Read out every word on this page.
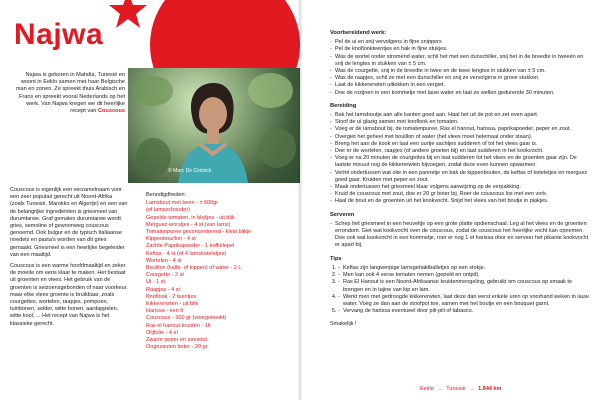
Najwa
Najwa is geboren in Mahdia, Tunesië en woont in Eeklo samen met haar Belgische man en zonen. Ze spreekt thuis Arabisch en Frans en spreekt vooral Nederlands op het werk. Van Najwa kregen we dit heerlijke recept van Couscous
© Marc De Coninck

Couscous is eigenlijk een verzamelnaam voor een zeer populair gerecht uit Noord-Afrika (zoals Tunesië, Marokko en Algerije) en een van de belangrijke ingrediënten is griesmeel van durumtarwe. Graf gemalen durumtarwe wordt gries, semoline of gewoonweg couscous genoemd. Ook bulgur en de typisch Italiaanse noedels en pasta's worden van dit gries gemaakt. Griesmeel is een heerlijke begeleider van een maaltijd.

Couscous is een warme hoofdmaaltijd en zeker de moeite om eens klaar te maken. Het bestaat uit groenten en vlees. Het gebruik van de groenten is seizoensgebonden of naar voorkeur, maar elke vlees groente is bruikbaar, zoals courgettes, wortelen, raapjes, pompoen, tuinbonen, selder, witte bonen, aardappelen, witte kool, ... Het recept van Najwa is het klassieke gerecht.

Benodigdheden:
Lamsbout met been - ± 600gr
(of lamsschouder)
Gepelde tomaten, in blokjes - uit blik
Merguez-worstjes - 4 st (van lams)
Tomatenpuree geconcentreerd - klein blikje
Kippenbouillon - 4 st
Zachte Paprikapoeder - 1 koffielepel
Keftas - 4 st (of 4 lamskoteletjes)
Wortelen - 4 st
Bouillon (kalfs- of kippen) of water - 2 L
Courgette - 2 st
Ui - 1 st
Raapjes - 4 st
Knoflook - 2 teentjes
Kikkererwten - uit blik
Harissa - een tl
Couscous - 300 gr (voorgekookt)
Ras el hanout-kruiden - 1tl
Olijfolie - 4 el
Zwarte peper en zeezout
Ongezouten boter - 20 gr
Voorbereidend werk:
- Pel de ui en snij vervolgens in fijne snippers
- Pel de knoflookteentjes en hak in fijne stukjes.
- Was de wortel onder stromend water, schil het met een dunschiller, snij het in de breedte in tweeën en snij de lengtes in stukken van ± 5 cm.
- Was de courgette, snij in de breedte in twee en de twee lengtes in stukken van ± 5 cm.
- Was de raapjes, schil ze met een dunschiller en snij ze vervolgens in grove stukken.
- Laat de kikkererwten uitlekken in een vergiet.
- Doe de rozijnen in een kommetje met lauw water en laat ze wellen gedurende 30 minuten.
Bereiding
- Bak het lamsboutje aan alle kanten goed aan. Haal het uit de pot en zet even apart.
- Stoof de ui glazig samen met knoflook en tomaten.
- Voeg er de lamsbout bij, de tomatenpuree, Ras el hanout, harissa, paprikapoeder, peper en zout.
- Overgiet het geheel met bouillon of water (het vlees moet helemaal onder staan).
- Breng het aan de kook en laat een uurtje sachtjes sudderen of tot het vlees gaar is.
- Doe er de wortelen, raapjes (of andere groeten bij) en laat sudderen in het kookvocht.
- Voeg er na 20 minuten de courgettes bij en laat sudderen tot het vlees en de groenten gaar zijn. De laatste minuut nog de kikkererwten bijvoegen, zodat deze even kunnen opwarmen.
- Verhit ondertussen wat olie in een pannetje en bak de kippenbouten, de keftas of koteletjes en merguez goed gaar. Kruiden met peper en zout.
- Maak ondertussen het griesmeel klaar volgens aanwijzing op de verpakking.
- Kruid de couscous met zout, doe er 20 gr boter bij. Roer de couscous los met een vork.
- Haal de bout en de groenten uit het kookvocht. Snijd het vlees van het boutje in plakjes.
Serveren
- Schep het griesmeel in een heuveltje op een grote platte opdienschaal. Leg al het vlees en de groenten errondom. Giet wat kookvocht over de couscous, zodat de couscous het heerlijke vocht kan opnemen. Doe ook wat kookvocht in een kommetje, roer er nog 1 el harissa door en serveer het pikante kookvocht er apart bij.
Tips
- 1. Keftas zijn langwerpige lamsgehaktballetjes op een stokje.
- 2. Men kan ook 4 verse tomaten nemen (gepeld en ontpit)
- 3. Ras El Hanout is een Noord-Afrikaanse kruidenmengeling, gebruikt om couscous op smaak te brengen en in tajine van kip en lam.
- 4. Werkt men met gedroogde kikkererwten, laat deze dan eerst enkele uren op voorhand weken in lauw water. Voeg ze dan aan de stoofpot toe, samen met het boutje en een bouquet garni.
- 5. Vervang de harissa eventueel door pili-pili of tabasco.
Smakelijk !
Eeklo → Tunesië → 1.844 km
